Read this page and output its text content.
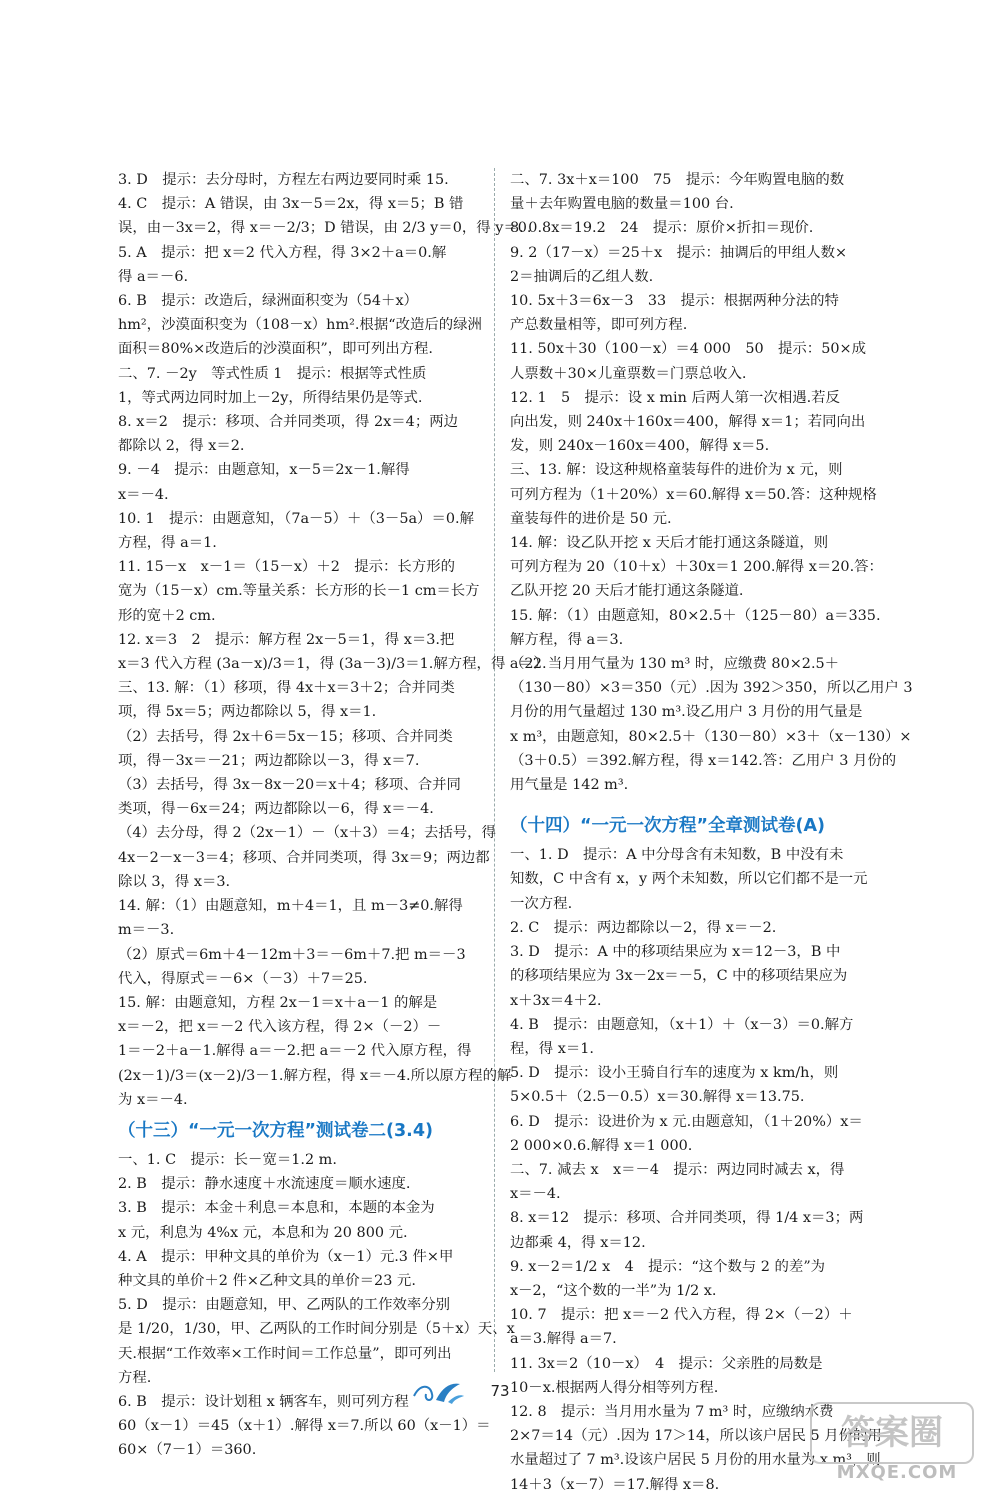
3. D　提示：去分母时，方程左右两边要同时乘 15.
4. C　提示：A 错误，由 3x－5＝2x，得 x＝5；B 错
误，由－3x＝2，得 x＝－2/3；D 错误，由 2/3 y＝0，得 y＝0.
5. A　提示：把 x＝2 代入方程，得 3×2＋a＝0.解
得 a＝－6.
6. B　提示：改造后，绿洲面积变为（54＋x）
hm²，沙漠面积变为（108－x）hm².根据“改造后的绿洲
面积＝80%×改造后的沙漠面积”，即可列出方程.
二、7. －2y　等式性质 1　提示：根据等式性质
1，等式两边同时加上－2y，所得结果仍是等式.
8. x＝2　提示：移项、合并同类项，得 2x＝4；两边
都除以 2，得 x＝2.
9. －4　提示：由题意知，x－5＝2x－1.解得
x＝－4.
10. 1　提示：由题意知，（7a－5）＋（3－5a）＝0.解
方程，得 a＝1.
11. 15－x　x－1＝（15－x）＋2　提示：长方形的
宽为（15－x）cm.等量关系：长方形的长－1 cm＝长方
形的宽＋2 cm.
12. x＝3　2　提示：解方程 2x－5＝1，得 x＝3.把
x＝3 代入方程 (3a－x)/3＝1，得 (3a－3)/3＝1.解方程，得 a＝2.
三、13. 解：（1）移项，得 4x＋x＝3＋2；合并同类
项，得 5x＝5；两边都除以 5，得 x＝1.
（2）去括号，得 2x＋6＝5x－15；移项、合并同类
项，得－3x＝－21；两边都除以－3，得 x＝7.
（3）去括号，得 3x－8x－20＝x＋4；移项、合并同
类项，得－6x＝24；两边都除以－6，得 x＝－4.
（4）去分母，得 2（2x－1）－（x＋3）＝4；去括号，得
4x－2－x－3＝4；移项、合并同类项，得 3x＝9；两边都
除以 3，得 x＝3.
14. 解：（1）由题意知，m＋4＝1，且 m－3≠0.解得
m＝－3.
（2）原式＝6m＋4－12m＋3＝－6m＋7.把 m＝－3
代入，得原式＝－6×（－3）＋7＝25.
15. 解：由题意知，方程 2x－1＝x＋a－1 的解是
x＝－2，把 x＝－2 代入该方程，得 2×（－2）－
1＝－2＋a－1.解得 a＝－2.把 a＝－2 代入原方程，得
(2x－1)/3＝(x－2)/3－1.解方程，得 x＝－4.所以原方程的解
为 x＝－4.
（十三）“一元一次方程”测试卷二(3.4)
一、1. C　提示：长－宽＝1.2 m.
2. B　提示：静水速度＋水流速度＝顺水速度.
3. B　提示：本金＋利息＝本息和，本题的本金为
x 元，利息为 4%x 元，本息和为 20 800 元.
4. A　提示：甲种文具的单价为（x－1）元.3 件×甲
种文具的单价＋2 件×乙种文具的单价＝23 元.
5. D　提示：由题意知，甲、乙两队的工作效率分别
是 1/20，1/30，甲、乙两队的工作时间分别是（5＋x）天、x
天.根据“工作效率×工作时间＝工作总量”，即可列出
方程.
6. B　提示：设计划租 x 辆客车，则可列方程
60（x－1）＝45（x＋1）.解得 x＝7.所以 60（x－1）＝
60×（7－1）＝360.
二、7. 3x＋x＝100　75　提示：今年购置电脑的数
量＋去年购置电脑的数量＝100 台.
8. 0.8x＝19.2　24　提示：原价×折扣＝现价.
9. 2（17－x）＝25＋x　提示：抽调后的甲组人数×
2＝抽调后的乙组人数.
10. 5x＋3＝6x－3　33　提示：根据两种分法的特
产总数量相等，即可列方程.
11. 50x＋30（100－x）＝4 000　50　提示：50×成
人票数＋30×儿童票数＝门票总收入.
12. 1　5　提示：设 x min 后两人第一次相遇.若反
向出发，则 240x＋160x＝400，解得 x＝1；若同向出
发，则 240x－160x＝400，解得 x＝5.
三、13. 解：设这种规格童装每件的进价为 x 元，则
可列方程为（1＋20%）x＝60.解得 x＝50.答：这种规格
童装每件的进价是 50 元.
14. 解：设乙队开挖 x 天后才能打通这条隧道，则
可列方程为 20（10＋x）＋30x＝1 200.解得 x＝20.答：
乙队开挖 20 天后才能打通这条隧道.
15. 解：（1）由题意知，80×2.5＋（125－80）a＝335.
解方程，得 a＝3.
（2）当月用气量为 130 m³ 时，应缴费 80×2.5＋
（130－80）×3＝350（元）.因为 392＞350，所以乙用户 3
月份的用气量超过 130 m³.设乙用户 3 月份的用气量是
x m³，由题意知，80×2.5＋（130－80）×3＋（x－130）×
（3＋0.5）＝392.解方程，得 x＝142.答：乙用户 3 月份的
用气量是 142 m³.
（十四）“一元一次方程”全章测试卷(A)
一、1. D　提示：A 中分母含有未知数，B 中没有未
知数，C 中含有 x，y 两个未知数，所以它们都不是一元
一次方程.
2. C　提示：两边都除以－2，得 x＝－2.
3. D　提示：A 中的移项结果应为 x＝12－3，B 中
的移项结果应为 3x－2x＝－5，C 中的移项结果应为
x＋3x＝4＋2.
4. B　提示：由题意知，（x＋1）＋（x－3）＝0.解方
程，得 x＝1.
5. D　提示：设小王骑自行车的速度为 x km/h，则
5×0.5＋（2.5－0.5）x＝30.解得 x＝13.75.
6. D　提示：设进价为 x 元.由题意知，（1＋20%）x＝
2 000×0.6.解得 x＝1 000.
二、7. 减去 x　x＝－4　提示：两边同时减去 x，得
x＝－4.
8. x＝12　提示：移项、合并同类项，得 1/4 x＝3；两
边都乘 4，得 x＝12.
9. x－2＝1/2 x　4　提示：“这个数与 2 的差”为
x－2，“这个数的一半”为 1/2 x.
10. 7　提示：把 x＝－2 代入方程，得 2×（－2）＋
a＝3.解得 a＝7.
11. 3x＝2（10－x）　4　提示：父亲胜的局数是
10－x.根据两人得分相等列方程.
12. 8　提示：当月用水量为 7 m³ 时，应缴纳水费
2×7＝14（元）.因为 17＞14，所以该户居民 5 月份的用
水量超过了 7 m³.设该户居民 5 月份的用水量为 x m³，则
14＋3（x－7）＝17.解得 x＝8.
73
答案圈
MXQE.COM
